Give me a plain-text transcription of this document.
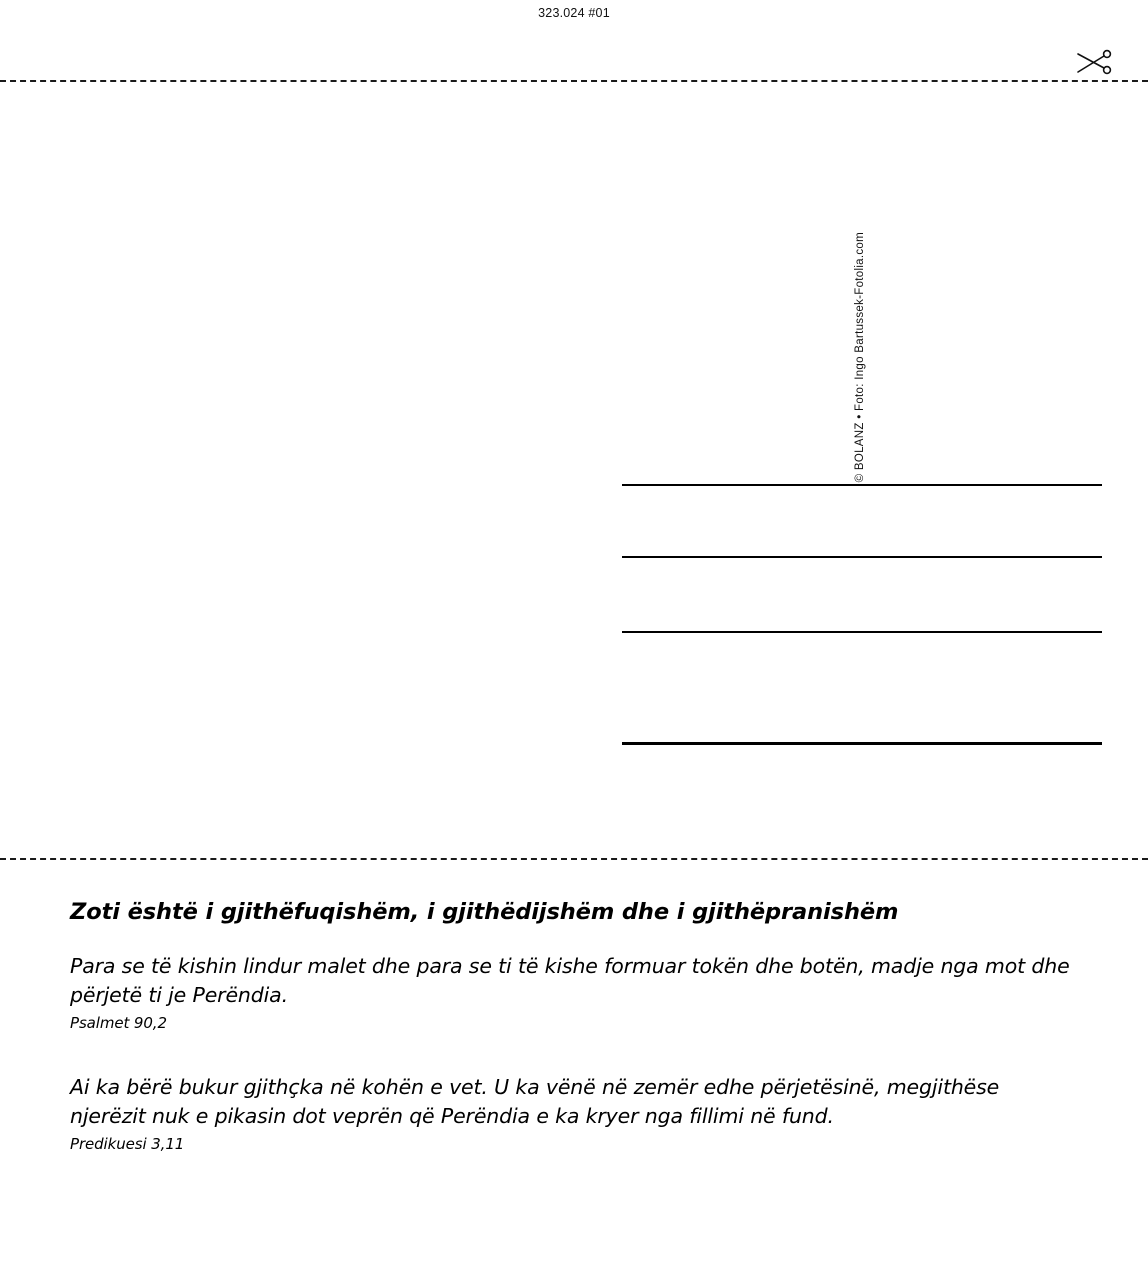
323.024 #01
© BOLANZ • Foto: Ingo Bartussek-Fotolia.com
Zoti është i gjithëfuqishëm, i gjithëdijshëm dhe i gjithëpranishëm

Para se të kishin lindur malet dhe para se ti të kishe formuar tokën dhe botën, madje nga mot dhe përjetë ti je Perëndia.

Psalmet 90,2

Ai ka bërë bukur gjithçka në kohën e vet. U ka vënë në zemër edhe përjetësinë, megjithëse njerëzit nuk e pikasin dot veprën që Perëndia e ka kryer nga fillimi në fund.

Predikuesi 3,11
